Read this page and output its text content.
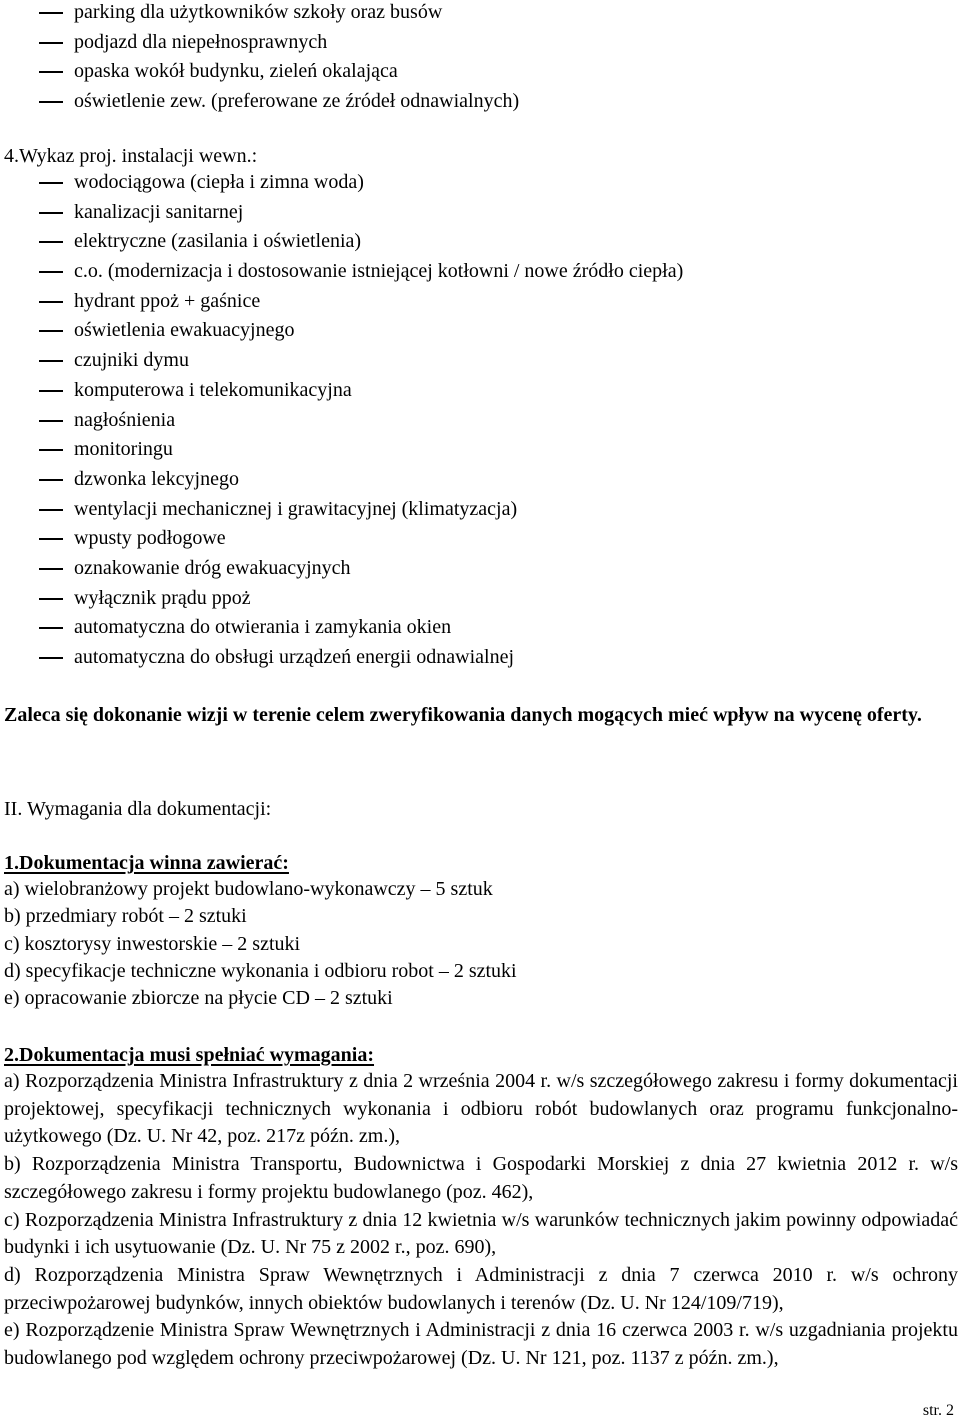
parking dla użytkowników szkoły oraz busów
podjazd dla niepełnosprawnych
opaska wokół budynku, zieleń okalająca
oświetlenie zew. (preferowane ze źródeł odnawialnych)
4.Wykaz proj. instalacji wewn.:
wodociągowa (ciepła i zimna woda)
kanalizacji sanitarnej
elektryczne (zasilania i oświetlenia)
c.o. (modernizacja i dostosowanie istniejącej kotłowni / nowe źródło ciepła)
hydrant ppoż + gaśnice
oświetlenia ewakuacyjnego
czujniki dymu
komputerowa i telekomunikacyjna
nagłośnienia
monitoringu
dzwonka lekcyjnego
wentylacji mechanicznej i grawitacyjnej (klimatyzacja)
wpusty podłogowe
oznakowanie dróg ewakuacyjnych
wyłącznik prądu ppoż
automatyczna do otwierania i zamykania okien
automatyczna do obsługi urządzeń energii odnawialnej

Zaleca się dokonanie wizji w terenie celem zweryfikowania danych mogących mieć wpływ na wycenę oferty.

II. Wymagania dla dokumentacji:
1.Dokumentacja winna zawierać:
a) wielobranżowy projekt budowlano-wykonawczy – 5 sztuk
b) przedmiary robót – 2 sztuki
c) kosztorysy inwestorskie – 2 sztuki
d) specyfikacje techniczne wykonania i odbioru robot – 2 sztuki
e) opracowanie zbiorcze na płycie CD – 2 sztuki
2.Dokumentacja musi spełniać wymagania:
a) Rozporządzenia Ministra Infrastruktury z dnia 2 września 2004 r. w/s szczegółowego zakresu i formy dokumentacji projektowej, specyfikacji technicznych wykonania i odbioru robót budowlanych oraz programu funkcjonalno-użytkowego (Dz. U. Nr 42, poz. 217z późn. zm.),
b) Rozporządzenia Ministra Transportu, Budownictwa i Gospodarki Morskiej z dnia 27 kwietnia 2012 r. w/s szczegółowego zakresu i formy projektu budowlanego (poz. 462),
c) Rozporządzenia Ministra Infrastruktury z dnia 12 kwietnia w/s warunków technicznych jakim powinny odpowiadać budynki i ich usytuowanie (Dz. U. Nr 75 z 2002 r., poz. 690),
d) Rozporządzenia Ministra Spraw Wewnętrznych i Administracji z dnia 7 czerwca 2010 r. w/s ochrony przeciwpożarowej budynków, innych obiektów budowlanych i terenów (Dz. U. Nr 124/109/719),
e) Rozporządzenie Ministra Spraw Wewnętrznych i Administracji z dnia 16 czerwca 2003 r. w/s uzgadniania projektu budowlanego pod względem ochrony przeciwpożarowej (Dz. U. Nr 121, poz. 1137 z późn. zm.),
str. 2
